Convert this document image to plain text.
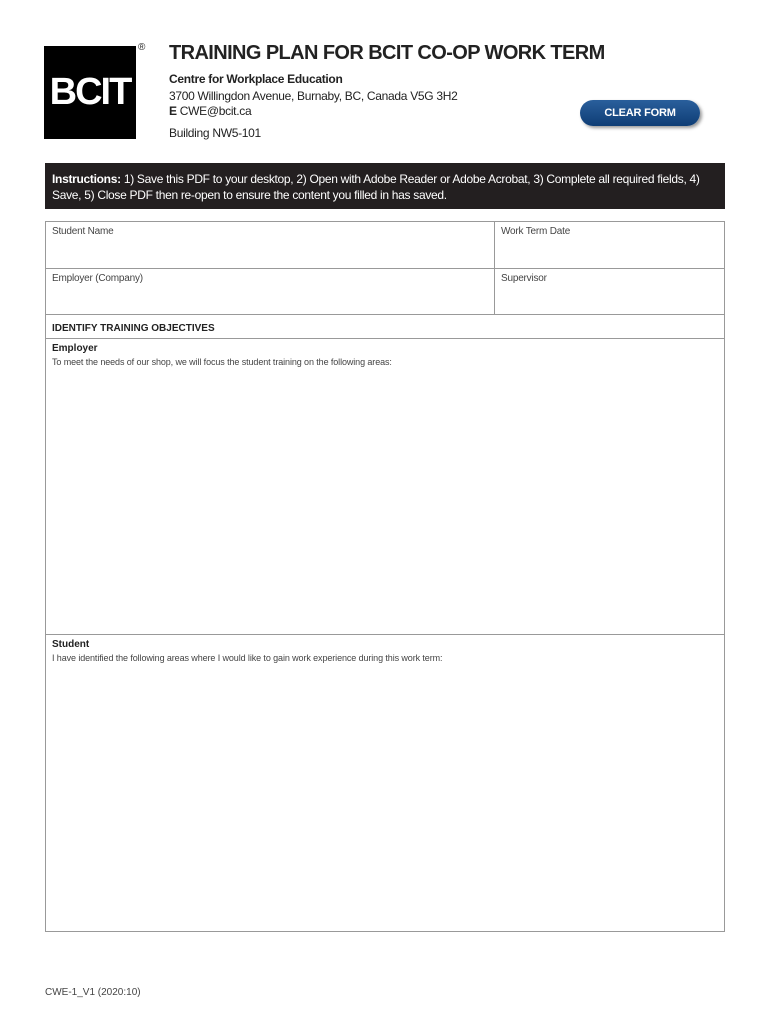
BCIT
® TRAINING PLAN FOR BCIT CO-OP WORK TERM
Centre for Workplace Education
3700 Willingdon Avenue, Burnaby, BC, Canada V5G 3H2
E CWE@bcit.ca
Building NW5-101
CLEAR FORM
Instructions: 1) Save this PDF to your desktop, 2) Open with Adobe Reader or Adobe Acrobat, 3) Complete all required fields, 4) Save, 5) Close PDF then re-open to ensure the content you filled in has saved.
Student Name	Work Term Date
Employer (Company)	Supervisor
IDENTIFY TRAINING OBJECTIVES
Employer
To meet the needs of our shop, we will focus the student training on the following areas:
Student
I have identified the following areas where I would like to gain work experience during this work term:
CWE-1_V1 (2020:10)
